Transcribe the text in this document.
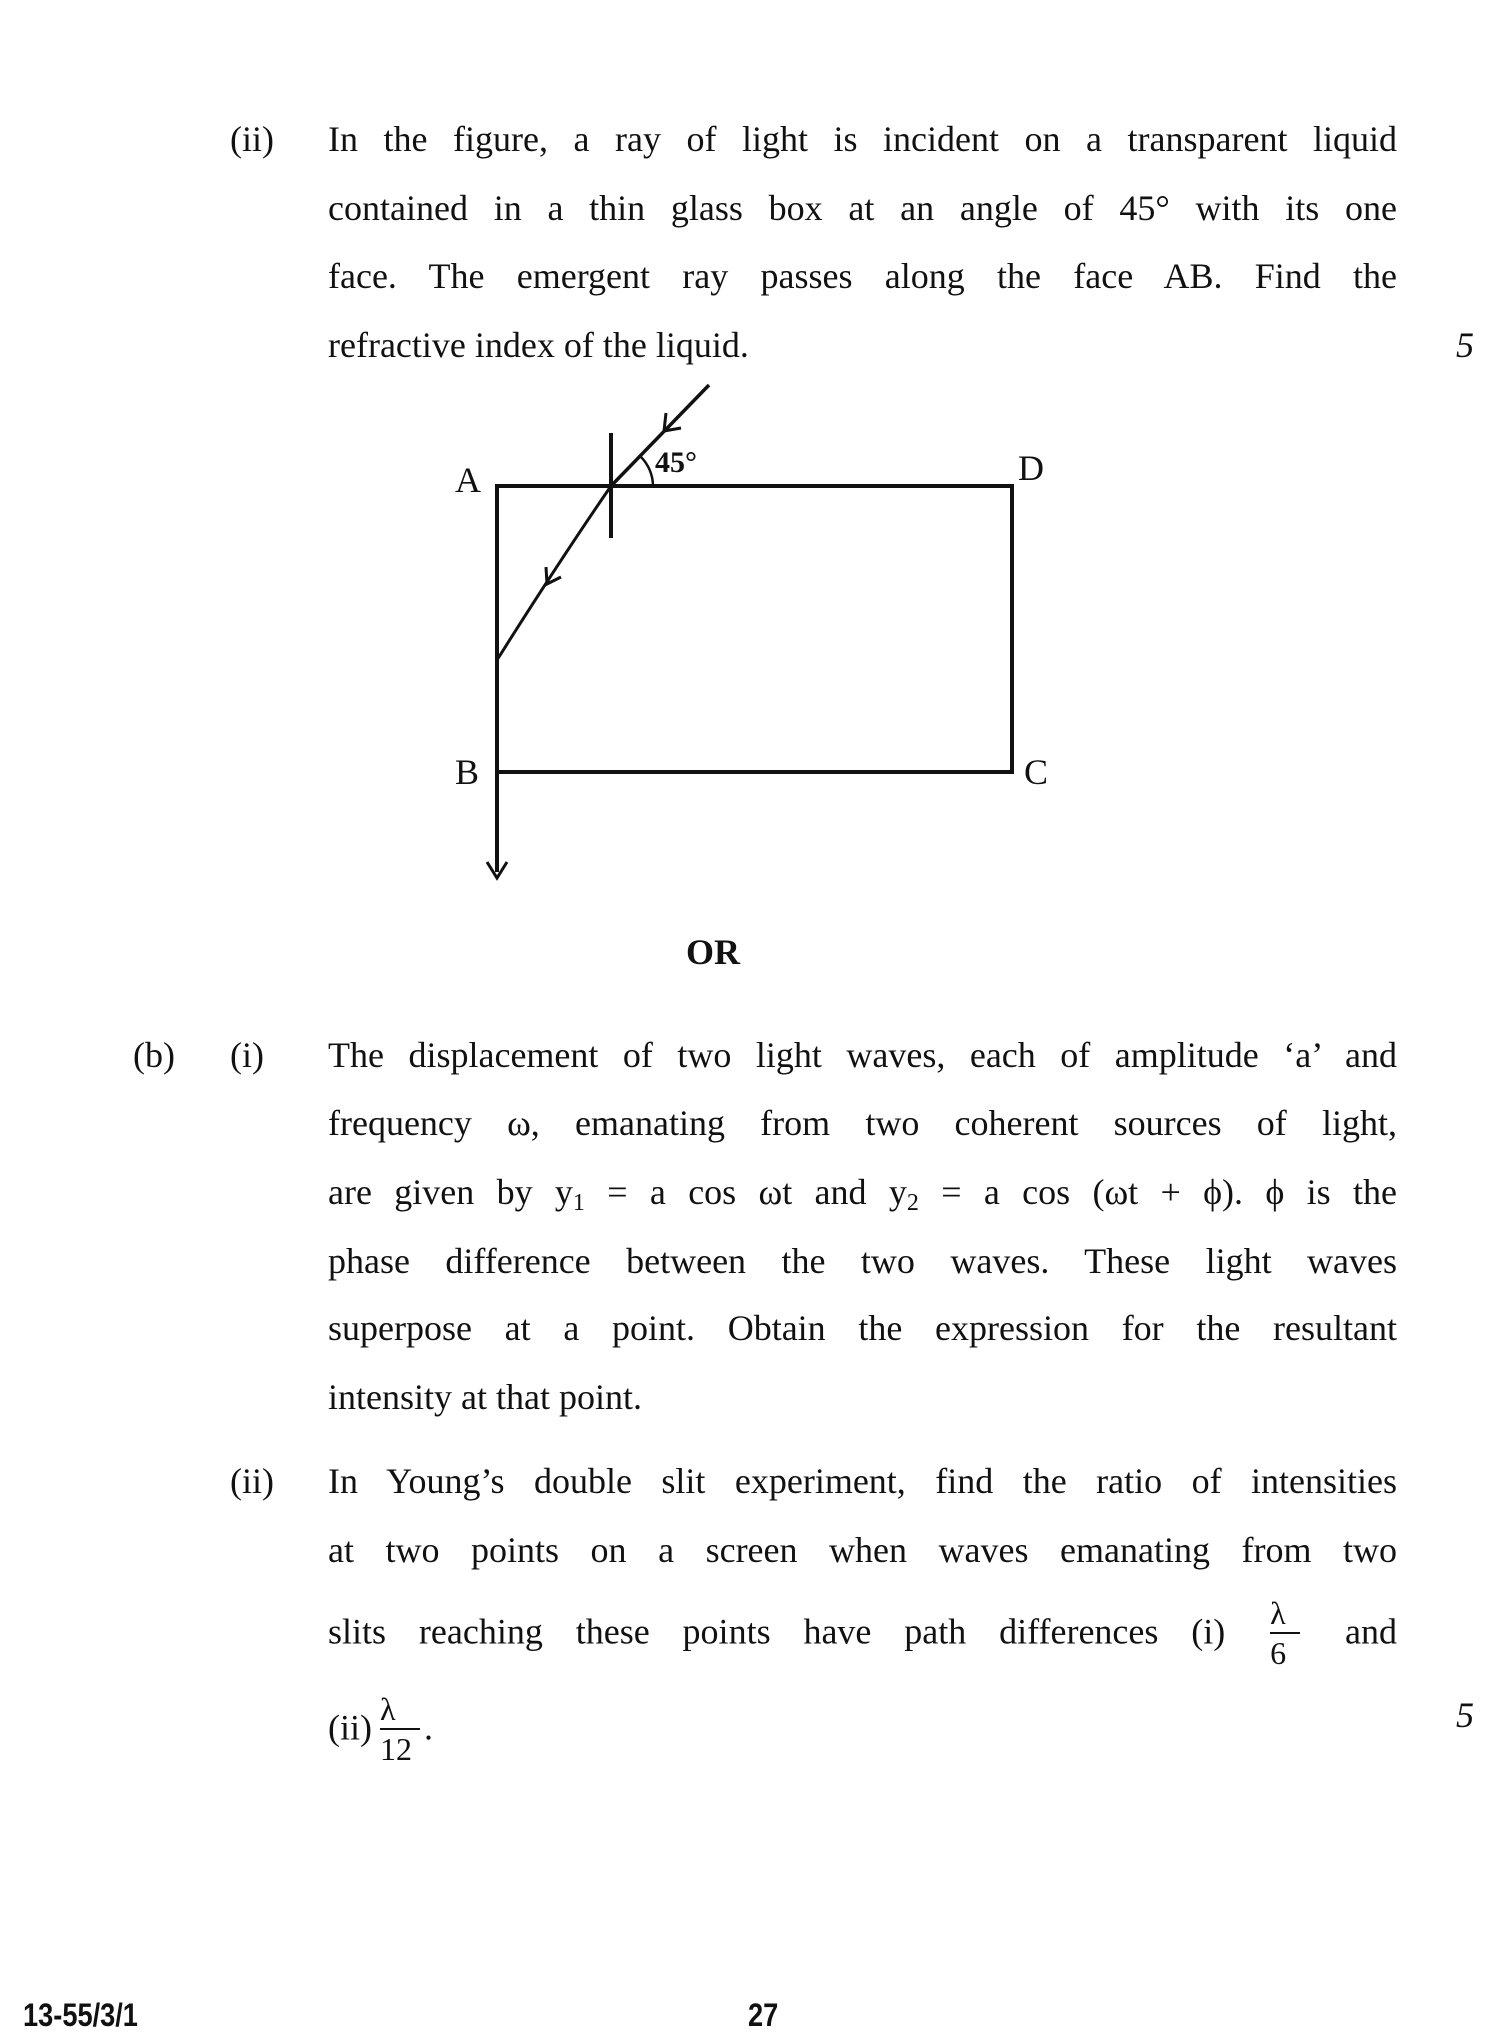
(ii) In the figure, a ray of light is incident on a transparent liquid
contained in a thin glass box at an angle of 45° with its one
face. The emergent ray passes along the face AB. Find the
refractive index of the liquid.	5
A	D
B	C
45°
OR
(b) (i) The displacement of two light waves, each of amplitude ‘a’ and
frequency ω, emanating from two coherent sources of light,
are given by $y_1 = a$ cos ωt and $y_2 = a$ cos (ωt + ϕ). ϕ is the
phase difference between the two waves. These light waves
superpose at a point. Obtain the expression for the resultant
intensity at that point.
(ii) In Young’s double slit experiment, find the ratio of intensities
at two points on a screen when waves emanating from two
slits reaching these points have path differences $(i) \frac{\lambda}{6}$ and
$(ii) \frac{\lambda}{12}$ .	5
13-55/3/1	27
